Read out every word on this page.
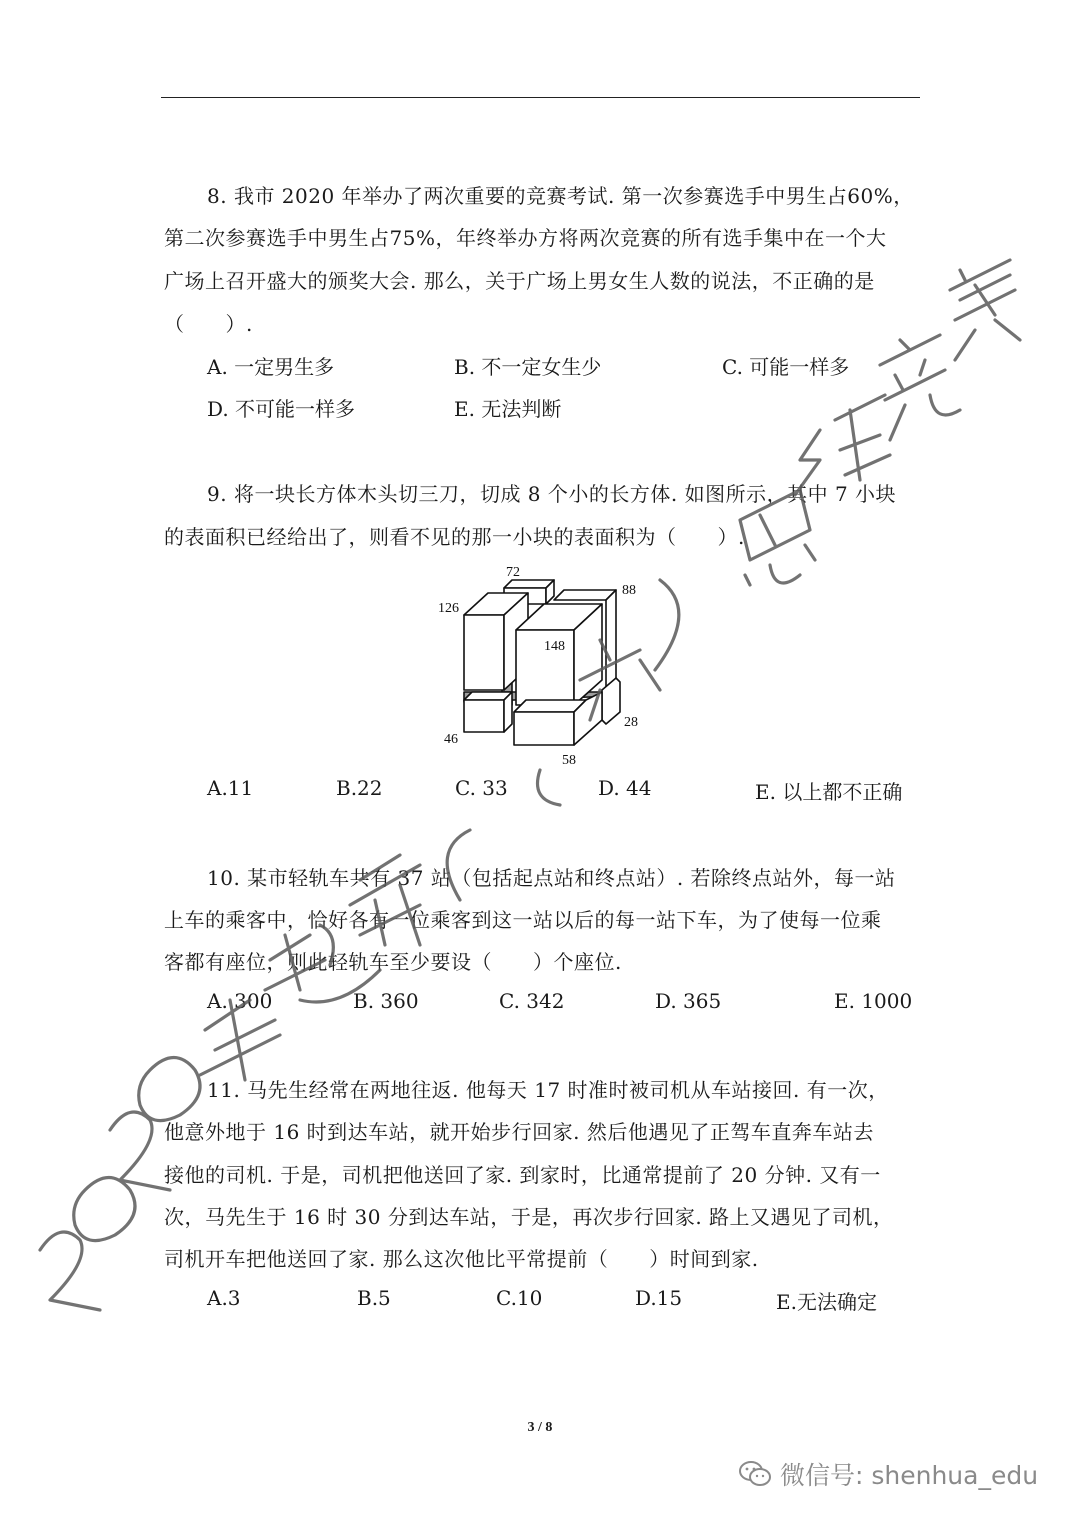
8. 我市 2020 年举办了两次重要的竞赛考试. 第一次参赛选手中男生占60%，
第二次参赛选手中男生占75%，年终举办方将两次竞赛的所有选手集中在一个大
广场上召开盛大的颁奖大会. 那么，关于广场上男女生人数的说法，不正确的是
（　　）.
A. 一定男生多	B. 不一定女生少	C. 可能一样多
D. 不可能一样多	E. 无法判断
9. 将一块长方体木头切三刀，切成 8 个小的长方体. 如图所示，其中 7 小块
的表面积已经给出了，则看不见的那一小块的表面积为（　　）.
72
88
126
148
28
46
58
A.11	B.22	C. 33	D. 44	E. 以上都不正确
10. 某市轻轨车共有 37 站（包括起点站和终点站）. 若除终点站外，每一站
上车的乘客中，恰好各有一位乘客到这一站以后的每一站下车，为了使每一位乘
客都有座位，则此轻轨车至少要设（　　）个座位.
A. 300	B. 360	C. 342	D. 365	E. 1000
11. 马先生经常在两地往返. 他每天 17 时准时被司机从车站接回. 有一次，
他意外地于 16 时到达车站，就开始步行回家. 然后他遇见了正驾车直奔车站去
接他的司机. 于是，司机把他送回了家. 到家时，比通常提前了 20 分钟. 又有一
次，马先生于 16 时 30 分到达车站，于是，再次步行回家. 路上又遇见了司机，
司机开车把他送回了家. 那么这次他比平常提前（　　）时间到家.
A.3	B.5	C.10	D.15	E.无法确定
3 / 8
微信号: shenhua_edu
